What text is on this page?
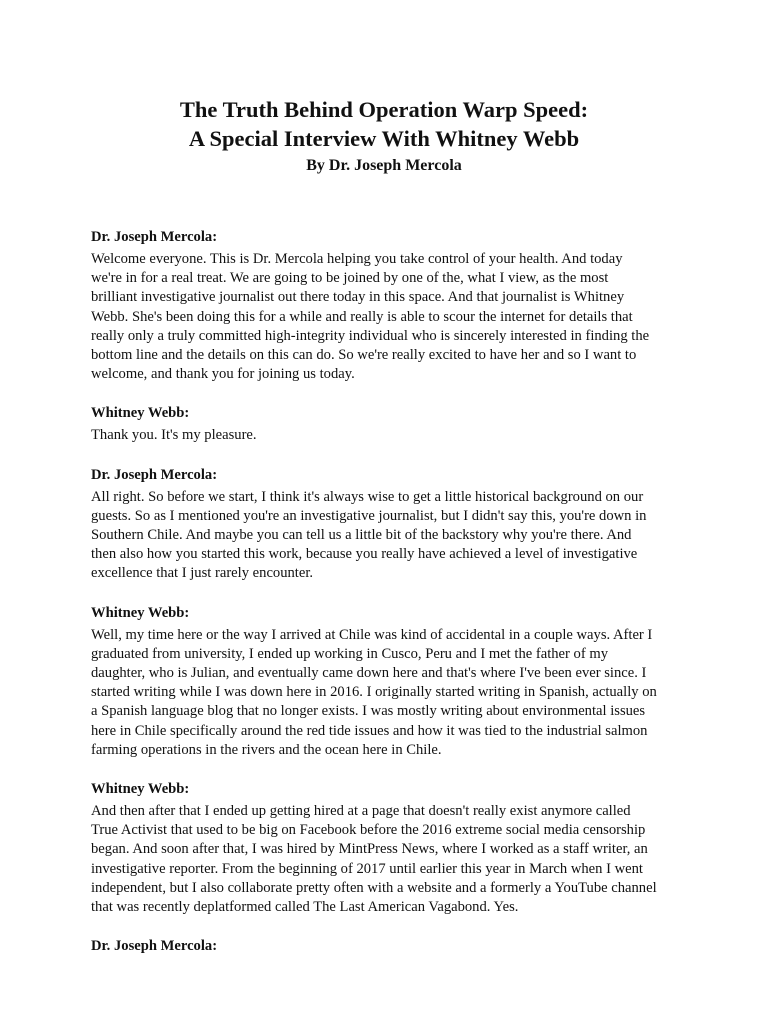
The Truth Behind Operation Warp Speed:

A Special Interview With Whitney Webb

By Dr. Joseph Mercola

Dr. Joseph Mercola:

Welcome everyone. This is Dr. Mercola helping you take control of your health. And today
we're in for a real treat. We are going to be joined by one of the, what I view, as the most
brilliant investigative journalist out there today in this space. And that journalist is Whitney
Webb. She's been doing this for a while and really is able to scour the internet for details that
really only a truly committed high-integrity individual who is sincerely interested in finding the
bottom line and the details on this can do. So we're really excited to have her and so I want to
welcome, and thank you for joining us today.

Whitney Webb:

Thank you. It's my pleasure.

Dr. Joseph Mercola:

All right. So before we start, I think it's always wise to get a little historical background on our
guests. So as I mentioned you're an investigative journalist, but I didn't say this, you're down in
Southern Chile. And maybe you can tell us a little bit of the backstory why you're there. And
then also how you started this work, because you really have achieved a level of investigative
excellence that I just rarely encounter.

Whitney Webb:

Well, my time here or the way I arrived at Chile was kind of accidental in a couple ways. After I
graduated from university, I ended up working in Cusco, Peru and I met the father of my
daughter, who is Julian, and eventually came down here and that's where I've been ever since. I
started writing while I was down here in 2016. I originally started writing in Spanish, actually on
a Spanish language blog that no longer exists. I was mostly writing about environmental issues
here in Chile specifically around the red tide issues and how it was tied to the industrial salmon
farming operations in the rivers and the ocean here in Chile.

Whitney Webb:

And then after that I ended up getting hired at a page that doesn't really exist anymore called
True Activist that used to be big on Facebook before the 2016 extreme social media censorship
began. And soon after that, I was hired by MintPress News, where I worked as a staff writer, an
investigative reporter. From the beginning of 2017 until earlier this year in March when I went
independent, but I also collaborate pretty often with a website and a formerly a YouTube channel
that was recently deplatformed called The Last American Vagabond. Yes.

Dr. Joseph Mercola:
